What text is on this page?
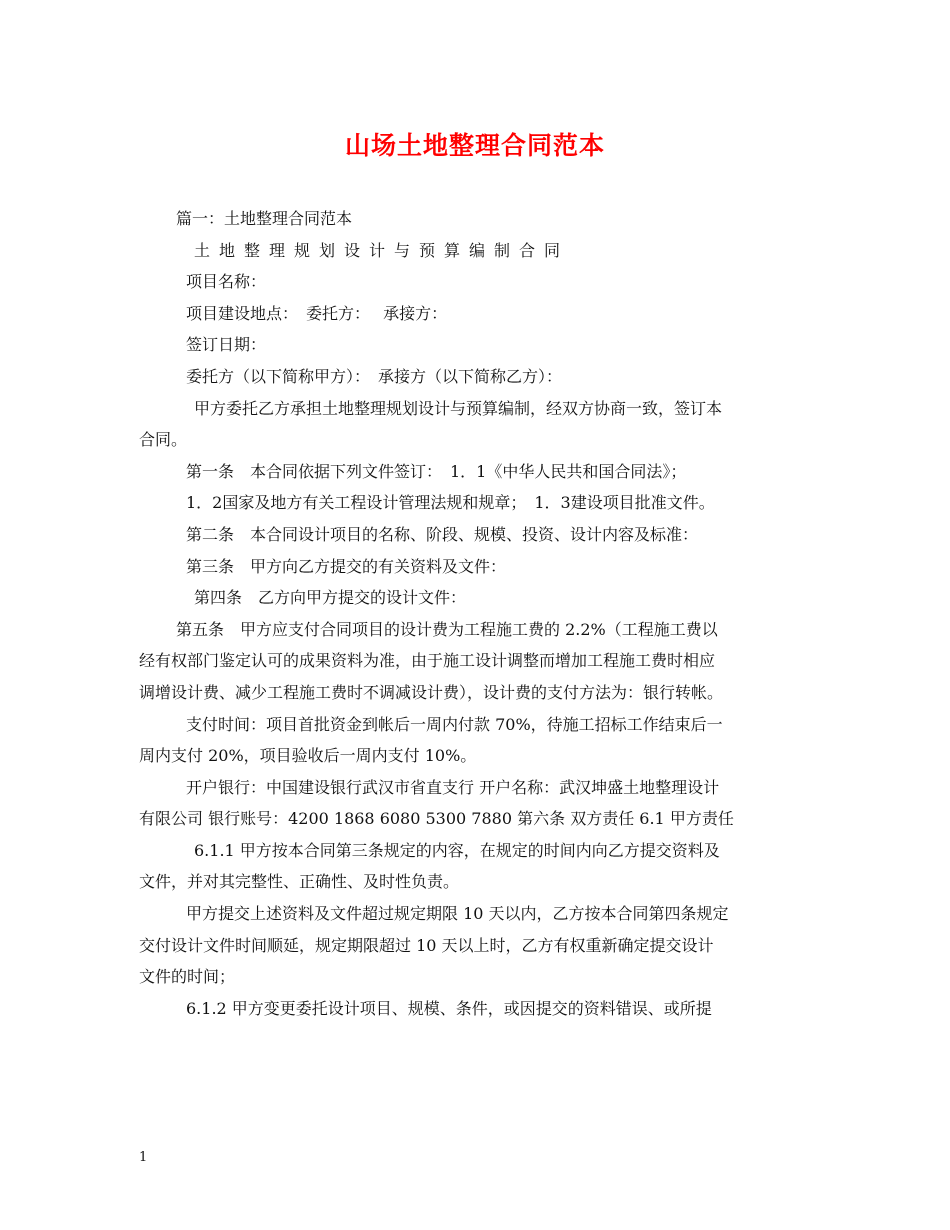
山场土地整理合同范本
篇一：土地整理合同范本
土地整理规划设计与预算编制合同
项目名称：
项目建设地点：　委托方：　 承接方：
签订日期：
委托方（以下简称甲方）：　承接方（以下简称乙方）：
甲方委托乙方承担土地整理规划设计与预算编制，经双方协商一致，签订本
合同。
第一条　本合同依据下列文件签订：　1．1《中华人民共和国合同法》；
1．2国家及地方有关工程设计管理法规和规章；　1．3建设项目批准文件。
第二条　本合同设计项目的名称、阶段、规模、投资、设计内容及标准：
第三条　甲方向乙方提交的有关资料及文件：
第四条　乙方向甲方提交的设计文件：
第五条　甲方应支付合同项目的设计费为工程施工费的 2.2%（工程施工费以
经有权部门鉴定认可的成果资料为准，由于施工设计调整而增加工程施工费时相应
调增设计费、减少工程施工费时不调减设计费），设计费的支付方法为：银行转帐。
支付时间：项目首批资金到帐后一周内付款 70%，待施工招标工作结束后一
周内支付 20%，项目验收后一周内支付 10%。
开户银行：中国建设银行武汉市省直支行 开户名称：武汉坤盛土地整理设计
有限公司 银行账号：4200 1868 6080 5300 7880 第六条 双方责任 6.1 甲方责任
6.1.1 甲方按本合同第三条规定的内容，在规定的时间内向乙方提交资料及
文件，并对其完整性、正确性、及时性负责。
甲方提交上述资料及文件超过规定期限 10 天以内，乙方按本合同第四条规定
交付设计文件时间顺延，规定期限超过 10 天以上时，乙方有权重新确定提交设计
文件的时间；
6.1.2 甲方变更委托设计项目、规模、条件，或因提交的资料错误、或所提
1
